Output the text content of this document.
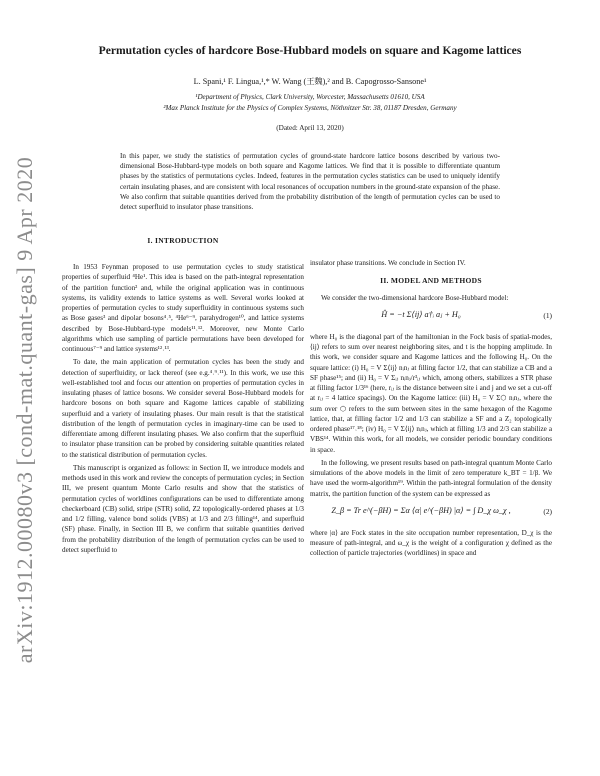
arXiv:1912.00080v3 [cond-mat.quant-gas] 9 Apr 2020
Permutation cycles of hardcore Bose-Hubbard models on square and Kagome lattices
L. Spani,¹ F. Lingua,¹,* W. Wang (王魏),² and B. Capogrosso-Sansone¹
¹Department of Physics, Clark University, Worcester, Massachusetts 01610, USA
²Max Planck Institute for the Physics of Complex Systems, Nöthnitzer Str. 38, 01187 Dresden, Germany
(Dated: April 13, 2020)

In this paper, we study the statistics of permutation cycles of ground-state hardcore lattice bosons described by various two-dimensional Bose-Hubbard-type models on both square and Kagome lattices. We find that it is possible to differentiate quantum phases by the statistics of permutations cycles. Indeed, features in the permutation cycles statistics can be used to uniquely identify certain insulating phases, and are consistent with local resonances of occupation numbers in the ground-state expansion of the phase. We also confirm that suitable quantities derived from the probability distribution of the length of permutation cycles can be used to detect superfluid to insulator phase transitions.

I. INTRODUCTION

In 1953 Feynman proposed to use permutation cycles to study statistical properties of superfluid ⁴He¹. This idea is based on the path-integral representation of the partition function² and, while the original application was in continuous systems, its validity extends to lattice systems as well. Several works looked at properties of permutation cycles to study superfluidity in continuous systems such as Bose gases³ and dipolar bosons⁴˒⁵, ⁴He⁶⁻⁹, parahydrogen¹⁰, and lattice systems described by Bose-Hubbard-type models¹¹˒¹². Moreover, new Monte Carlo algorithms which use sampling of particle permutations have been developed for continuous⁷⁻⁹ and lattice systems¹²˒¹³.

To date, the main application of permutation cycles has been the study and detection of superfluidity, or lack thereof (see e.g.⁴˒⁹˒¹¹). In this work, we use this well-established tool and focus our attention on properties of permutation cycles in insulating phases of lattice bosons. We consider several Bose-Hubbard models for hardcore bosons on both square and Kagome lattices capable of stabilizing superfluid and a variety of insulating phases. Our main result is that the statistical distribution of the length of permutation cycles in imaginary-time can be used to differentiate among different insulating phases. We also confirm that the superfluid to insulator phase transition can be probed by considering suitable quantities related to the statistical distribution of permutation cycles.

This manuscript is organized as follows: in Section II, we introduce models and methods used in this work and review the concepts of permutation cycles; in Section III, we present quantum Monte Carlo results and show that the statistics of permutation cycles of worldlines configurations can be used to differentiate among checkerboard (CB) solid, stripe (STR) solid, Z2 topologically-ordered phases at 1/3 and 1/2 filling, valence bond solids (VBS) at 1/3 and 2/3 filling¹⁴, and superfluid (SF) phase. Finally, in Section III B, we confirm that suitable quantities derived from the probability distribution of the length of permutation cycles can be used to detect superfluid to

insulator phase transitions. We conclude in Section IV.

II. MODEL AND METHODS

We consider the two-dimensional hardcore Bose-Hubbard model:

Ĥ = −t Σ⟨ij⟩ a†ᵢ aⱼ + H₀	(1)

where H₀ is the diagonal part of the hamiltonian in the Fock basis of spatial-modes, ⟨ij⟩ refers to sum over nearest neighboring sites, and t is the hopping amplitude. In this work, we consider square and Kagome lattices and the following H₀. On the square lattice: (i) H₀ = V Σ⟨ij⟩ nᵢnⱼ at filling factor 1/2, that can stabilize a CB and a SF phase¹⁵; and (ii) H₀ = V Σᵢⱼ nᵢnⱼ/r³ᵢⱼ which, among others, stabilizes a STR phase at filling factor 1/3¹⁶ (here, rᵢⱼ is the distance between site i and j and we set a cut-off at rᵢⱼ = 4 lattice spacings). On the Kagome lattice: (iii) H₀ = V Σ⬡ nᵢnⱼ, where the sum over ⬡ refers to the sum between sites in the same hexagon of the Kagome lattice, that, at filling factor 1/2 and 1/3 can stabilize a SF and a Z₂ topologically ordered phase¹⁷˒¹⁸; (iv) H₀ = V Σ⟨ij⟩ nᵢnⱼ, which at filling 1/3 and 2/3 can stabilize a VBS¹⁴. Within this work, for all models, we consider periodic boundary conditions in space.

In the following, we present results based on path-integral quantum Monte Carlo simulations of the above models in the limit of zero temperature k_BT = 1/β. We have used the worm-algorithm¹⁹. Within the path-integral formulation of the density matrix, the partition function of the system can be expressed as

Z_β = Tr e^(−βH) = Σα ⟨α| e^(−βH) |α⟩ = ∫ D_χ ω_χ ,	(2)

where |α⟩ are Fock states in the site occupation number representation, D_χ is the measure of path-integral, and ω_χ is the weight of a configuration χ defined as the collection of particle trajectories (worldlines) in space and
